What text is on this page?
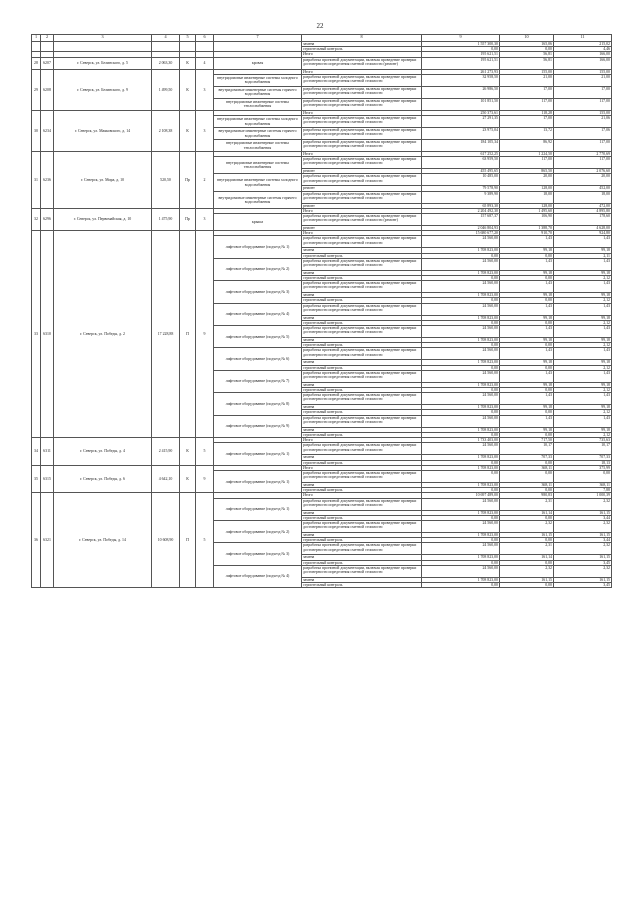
22
1	2	3	4	5	6	7	8	9	10	11
							замена	1 557 300,30	165,06	215,02
							строительный контроль	0,00	0,00	4,46
							Итого	195 621,51	56,81	166,00
28	6207	г. Северск, ул. Белинского, д. 5	2 063,30	К	4	кровля	разработка проектной документации, включая проведение проверки достоверности определения сметной стоимости (ремонт)	195 621,51	56,81	166,00
29	6208	г. Северск, ул. Белинского, д. 9	1 499,50	К	3		Итого	261 273,93	155,00	155,00
						внутридомовые инженерные системы холодного водоснабжения	разработка проектной документации, включая проведение проверки достоверности определения сметной стоимости	32 958,50	21,00	21,00
						внутридомовые инженерные системы горячего водоснабжения	разработка проектной документации, включая проведение проверки достоверности определения сметной стоимости	26 986,50	17,00	17,00
						внутридомовые инженерные системы теплоснабжения	разработка проектной документации, включая проведение проверки достоверности определения сметной стоимости	101 851,50	117,00	117,00
30	6234	г. Северск, ул. Маяковского, д. 14	2 108,38	К	3		Итого	250 373,61	118,28	155,00
						внутридомовые инженерные системы холодного водоснабжения	разработка проектной документации, включая проведение проверки достоверности определения сметной стоимости	27 291,35	17,00	21,06
						внутридомовые инженерные системы горячего водоснабжения	разработка проектной документации, включая проведение проверки достоверности определения сметной стоимости	23 975,04	13,72	17,06
						внутридомовые инженерные системы теплоснабжения	разработка проектной документации, включая проведение проверки достоверности определения сметной стоимости	184 105,34	86,92	117,00
31	6236	г. Северск, ул. Мира, д. 10	520,50	Пр	2		Итого	617 252,25	1 224,50	2 770,69
						внутридомовые инженерные системы теплоснабжения	разработка проектной документации, включая проведение проверки достоверности определения сметной стоимости	63 959,50	117,00	117,00
							ремонт	455 495,65	865,50	2 076,60
						внутридомовые инженерные системы холодного водоснабжения	разработка проектной документации, включая проведение проверки достоверности определения сметной стоимости	10 485,00	20,00	20,00
							ремонт	79 578,90	128,00	452,00
						внутридомовые инженерные системы горячего водоснабжения	разработка проектной документации, включая проведение проверки достоверности определения сметной стоимости	9 389,90	18,00	18,00
							ремонт	65 893,30	128,00	472,00
32	6296	г. Северск, ул. Первомайская, д. 10	1 475,90	Пр	3		Итого	2 204 492,30	1 495,60	4 895,80
						крыша	разработка проектной документации, включая проведение проверки достоверности определения сметной стоимости (ремонт)	157 687,37	106,90	178,60
							ремонт	2 046 804,93	1 388,70	4 628,00
33	6310	г. Северск, ул. Победы, д. 2	17 228,88	П	9		Итого	15 680 677,20	910,70	924,80
						лифтовое оборудование (подъезд № 1)	разработка проектной документации, включая проведение проверки достоверности определения сметной стоимости	24 560,00	1,43	1,43
							замена	1 708 823,00	99,18	99,18
							строительный контроль	0,00	0,00	2,11
						лифтовое оборудование (подъезд № 2)	разработка проектной документации, включая проведение проверки достоверности определения сметной стоимости	24 560,00	1,43	1,43
							замена	1 708 823,00	99,18	99,18
							строительный контроль	0,00	0,00	2,12
						лифтовое оборудование (подъезд № 3)	разработка проектной документации, включая проведение проверки достоверности определения сметной стоимости	24 560,00	1,43	1,43
							замена	1 708 823,00	99,18	99,18
							строительный контроль	0,00	0,00	2,12
						лифтовое оборудование (подъезд № 4)	разработка проектной документации, включая проведение проверки достоверности определения сметной стоимости	24 560,00	1,43	1,43
							замена	1 708 823,00	99,18	99,18
							строительный контроль	0,00	0,00	2,12
						лифтовое оборудование (подъезд № 5)	разработка проектной документации, включая проведение проверки достоверности определения сметной стоимости	24 560,00	1,43	1,43
							замена	1 708 823,00	99,18	99,18
							строительный контроль	0,00	0,00	2,12
						лифтовое оборудование (подъезд № 6)	разработка проектной документации, включая проведение проверки достоверности определения сметной стоимости	24 560,00	1,43	1,43
							замена	1 708 823,00	99,18	99,18
							строительный контроль	0,00	0,00	2,12
						лифтовое оборудование (подъезд № 7)	разработка проектной документации, включая проведение проверки достоверности определения сметной стоимости	24 560,00	1,43	1,43
							замена	1 708 823,00	99,18	99,18
							строительный контроль	0,00	0,00	2,12
						лифтовое оборудование (подъезд № 8)	разработка проектной документации, включая проведение проверки достоверности определения сметной стоимости	24 560,00	1,43	1,43
							замена	1 708 823,00	99,18	99,18
							строительный контроль	0,00	0,00	2,12
						лифтовое оборудование (подъезд № 9)	разработка проектной документации, включая проведение проверки достоверности определения сметной стоимости	24 560,00	1,43	1,43
							замена	1 708 823,00	99,18	99,18
							строительный контроль	0,00	0,00	2,12
34	6311	г. Северск, ул. Победы, д. 4	2 415,90	К	5		Итого	1 733 403,00	717,50	735,63
						лифтовое оборудование (подъезд № 1)	разработка проектной документации, включая проведение проверки достоверности определения сметной стоимости	24 560,00	10,17	10,17
							замена	1 708 823,00	707,33	707,33
							строительный контроль	0,00	0,00	18,13
35	6315	г. Северск, ул. Победы, д. 6	4 642,10	К	9		Итого	1 708 823,00	368,11	375,99
						лифтовое оборудование (подъезд № 1)	разработка проектной документации, включая проведение проверки достоверности определения сметной стоимости	0,00	0,00	0,00
							замена	1 708 823,00	368,11	368,11
							строительный контроль	0,00	0,00	7,88
36	6321	г. Северск, ул. Победы, д. 14	10 608,90	П	5		Итого	10 697 489,00	980,83	1 000,39
						лифтовое оборудование (подъезд № 1)	разработка проектной документации, включая проведение проверки достоверности определения сметной стоимости	24 560,00	2,31	2,32
							замена	1 708 823,00	161,14	161,15
							строительный контроль	0,00	0,00	3,44
						лифтовое оборудование (подъезд № 2)	разработка проектной документации, включая проведение проверки достоверности определения сметной стоимости	24 560,00	2,32	2,32
							замена	1 708 823,00	161,15	161,15
							строительный контроль	0,00	0,00	3,44
						лифтовое оборудование (подъезд № 3)	разработка проектной документации, включая проведение проверки достоверности определения сметной стоимости	24 560,00	2,31	2,32
							замена	1 708 823,00	161,14	161,15
							строительный контроль	0,00	0,00	3,45
						лифтовое оборудование (подъезд № 4)	разработка проектной документации, включая проведение проверки достоверности определения сметной стоимости	24 560,00	2,32	2,32
							замена	1 708 823,00	161,15	161,15
							строительный контроль	0,00	0,00	3,45
